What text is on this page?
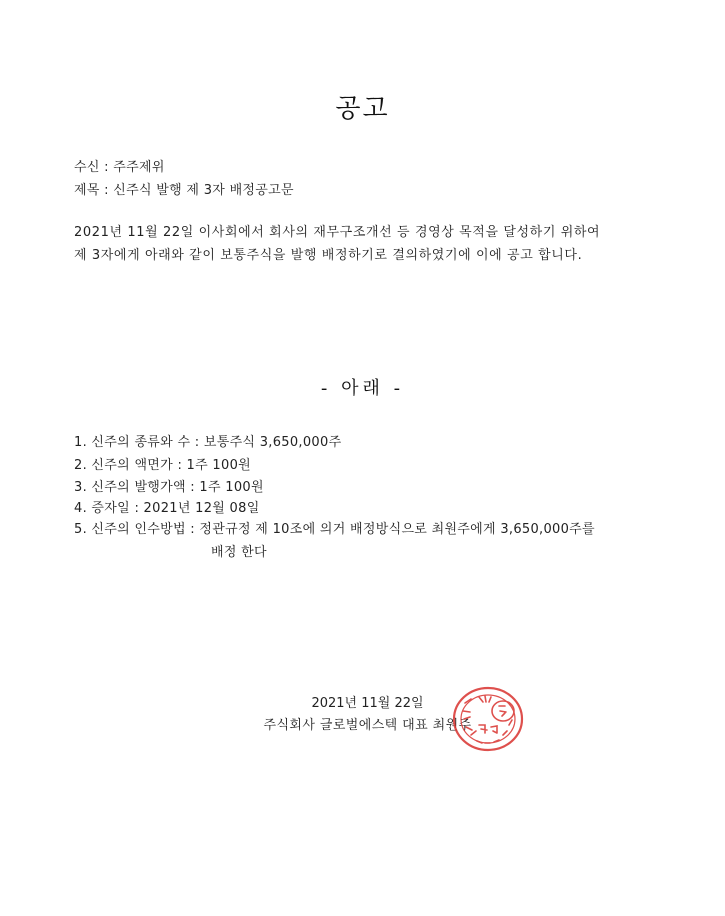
공고
수신 : 주주제위
제목 : 신주식 발행 제 3자 배정공고문
2021년 11월 22일 이사회에서 회사의 재무구조개선 등 경영상 목적을 달성하기 위하여
제 3자에게 아래와 같이 보통주식을 발행 배정하기로 결의하였기에 이에 공고 합니다.
- 아래 -
1. 신주의 종류와 수 : 보통주식 3,650,000주
2. 신주의 액면가 : 1주 100원
3. 신주의 발행가액 : 1주 100원
4. 증자일 : 2021년 12월 08일
5. 신주의 인수방법 : 정관규정 제 10조에 의거 배정방식으로 최원주에게 3,650,000주를
배정 한다
2021년 11월 22일
주식회사 글로벌에스텍 대표 최원주
